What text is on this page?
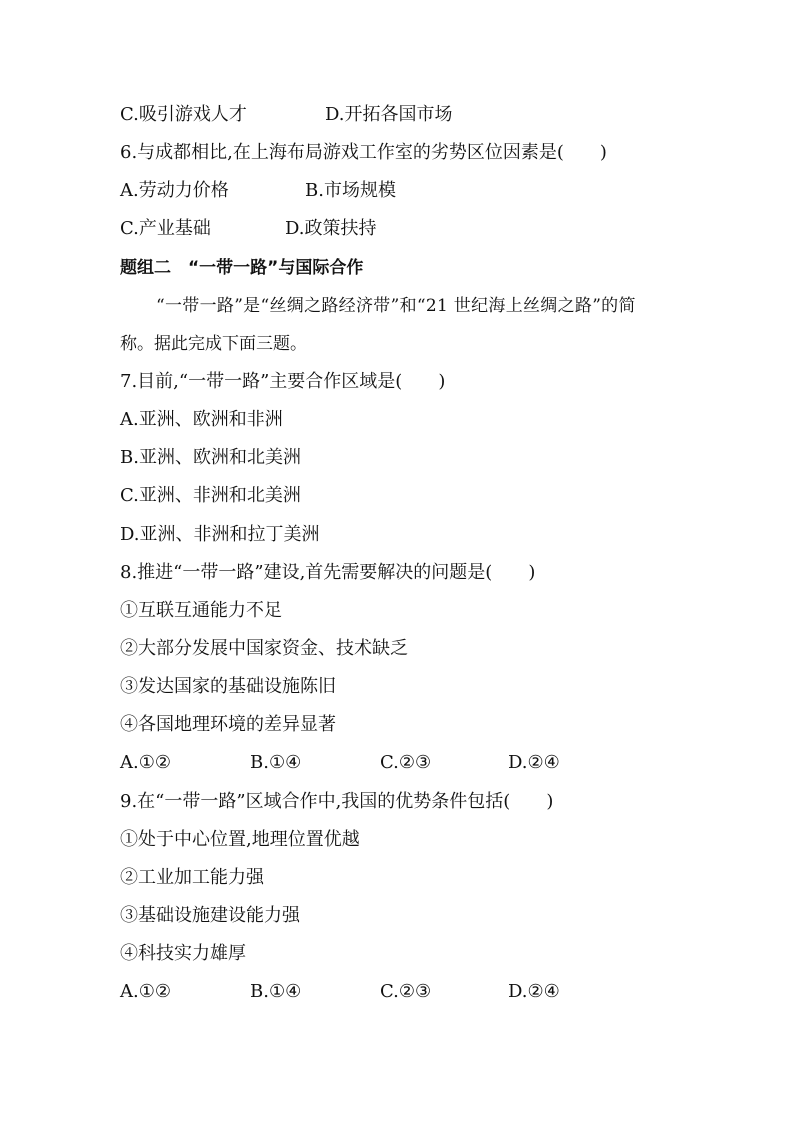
C.吸引游戏人才	D.开拓各国市场
6.与成都相比,在上海布局游戏工作室的劣势区位因素是(　　)
A.劳动力价格	B.市场规模
C.产业基础	D.政策扶持
题组二　“一带一路”与国际合作
“一带一路”是“丝绸之路经济带”和“21 世纪海上丝绸之路”的简
称。据此完成下面三题。
7.目前,“一带一路”主要合作区域是(　　)
A.亚洲、欧洲和非洲
B.亚洲、欧洲和北美洲
C.亚洲、非洲和北美洲
D.亚洲、非洲和拉丁美洲
8.推进“一带一路”建设,首先需要解决的问题是(　　)
①互联互通能力不足
②大部分发展中国家资金、技术缺乏
③发达国家的基础设施陈旧
④各国地理环境的差异显著
A.①②	B.①④	C.②③	D.②④
9.在“一带一路”区域合作中,我国的优势条件包括(　　)
①处于中心位置,地理位置优越
②工业加工能力强
③基础设施建设能力强
④科技实力雄厚
A.①②	B.①④	C.②③	D.②④
